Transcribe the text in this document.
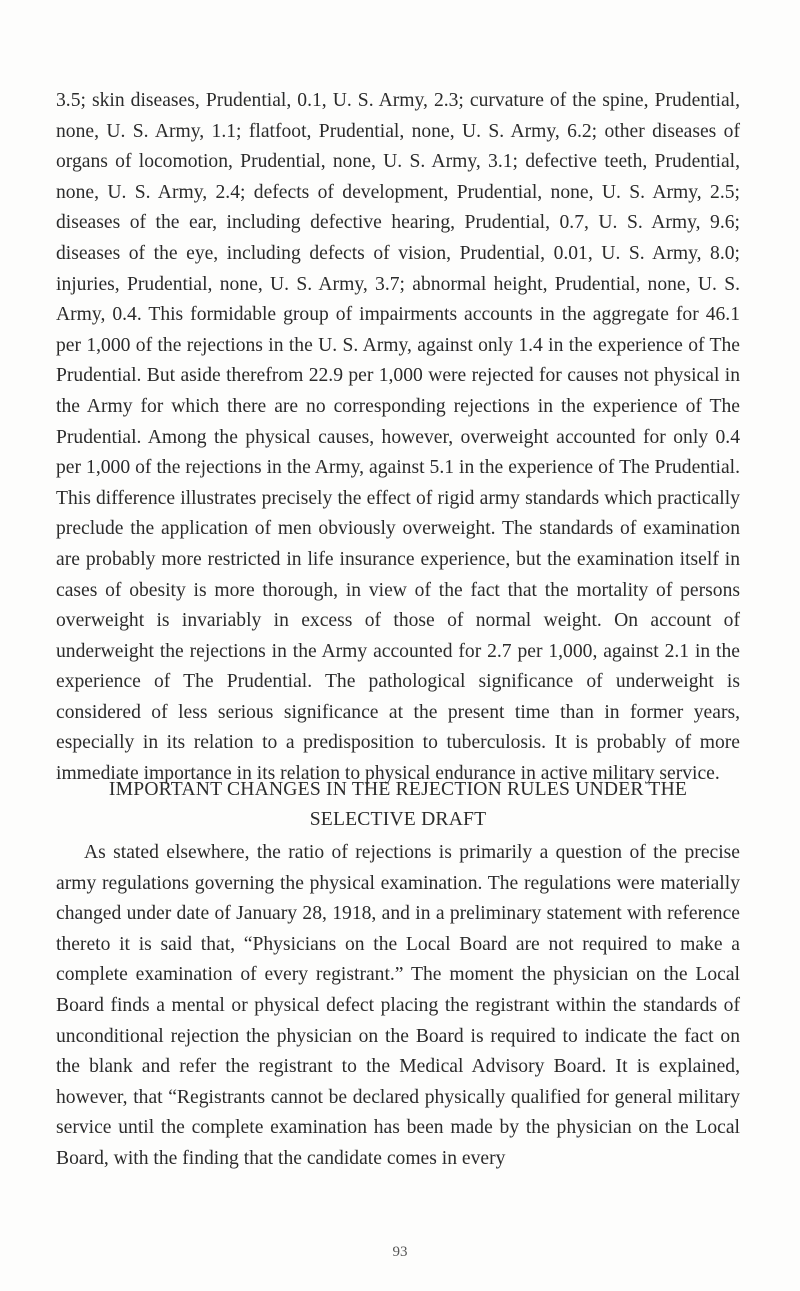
3.5; skin diseases, Prudential, 0.1, U. S. Army, 2.3; curvature of the spine, Prudential, none, U. S. Army, 1.1; flatfoot, Prudential, none, U. S. Army, 6.2; other diseases of organs of locomotion, Prudential, none, U. S. Army, 3.1; defective teeth, Prudential, none, U. S. Army, 2.4; defects of development, Prudential, none, U. S. Army, 2.5; diseases of the ear, including defective hearing, Prudential, 0.7, U. S. Army, 9.6; diseases of the eye, including defects of vision, Prudential, 0.01, U. S. Army, 8.0; injuries, Prudential, none, U. S. Army, 3.7; abnormal height, Prudential, none, U. S. Army, 0.4. This formidable group of impairments accounts in the aggregate for 46.1 per 1,000 of the rejections in the U. S. Army, against only 1.4 in the experience of The Prudential. But aside therefrom 22.9 per 1,000 were rejected for causes not physical in the Army for which there are no corresponding rejections in the experience of The Prudential. Among the physical causes, however, overweight accounted for only 0.4 per 1,000 of the rejections in the Army, against 5.1 in the experience of The Prudential. This difference illustrates precisely the effect of rigid army standards which practically preclude the application of men obviously overweight. The standards of examination are probably more restricted in life insurance experience, but the examination itself in cases of obesity is more thorough, in view of the fact that the mortality of persons overweight is invariably in excess of those of normal weight. On account of underweight the rejections in the Army accounted for 2.7 per 1,000, against 2.1 in the experience of The Prudential. The pathological significance of underweight is considered of less serious significance at the present time than in former years, especially in its relation to a predisposition to tuberculosis. It is probably of more immediate importance in its relation to physical endurance in active military service.
IMPORTANT CHANGES IN THE REJECTION RULES UNDER THE SELECTIVE DRAFT
As stated elsewhere, the ratio of rejections is primarily a question of the precise army regulations governing the physical examination. The regulations were materially changed under date of January 28, 1918, and in a preliminary statement with reference thereto it is said that, “Physicians on the Local Board are not required to make a complete examination of every registrant.” The moment the physician on the Local Board finds a mental or physical defect placing the registrant within the standards of unconditional rejection the physician on the Board is required to indicate the fact on the blank and refer the registrant to the Medical Advisory Board. It is explained, however, that “Registrants cannot be declared physically qualified for general military service until the complete examination has been made by the physician on the Local Board, with the finding that the candidate comes in every
93
